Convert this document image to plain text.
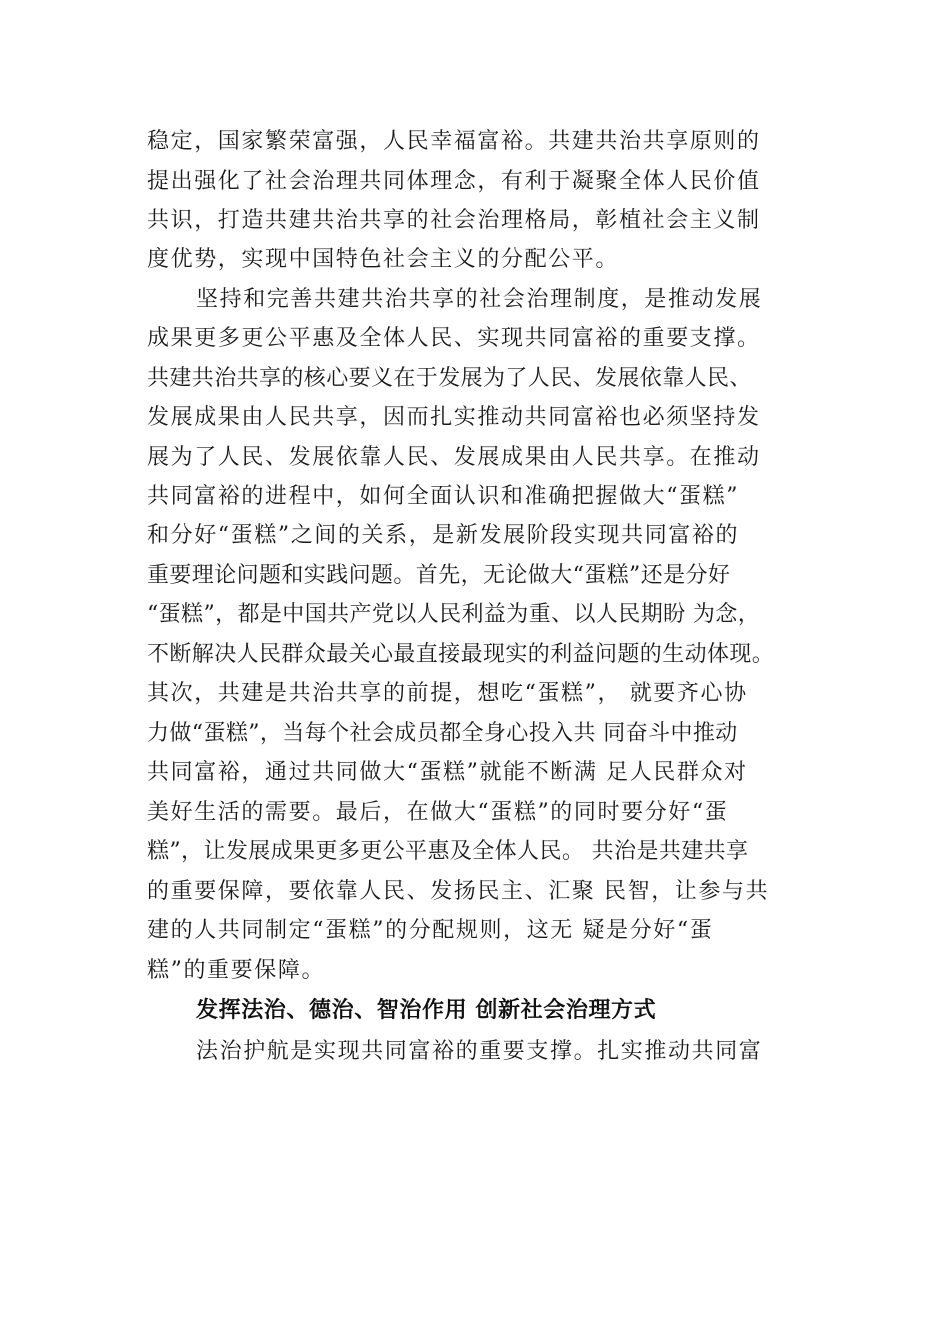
稳定，国家繁荣富强，人民幸福富裕。共建共治共享原则的
提出强化了社会治理共同体理念，有利于凝聚全体人民价值
共识，打造共建共治共享的社会治理格局，彰植社会主义制
度优势，实现中国特色社会主义的分配公平。
坚持和完善共建共治共享的社会治理制度，是推动发展
成果更多更公平惠及全体人民、实现共同富裕的重要支撑。
共建共治共享的核心要义在于发展为了人民、发展依靠人民、
发展成果由人民共享，因而扎实推动共同富裕也必须坚持发
展为了人民、发展依靠人民、发展成果由人民共享。在推动
共同富裕的进程中，如何全面认识和准确把握做大“蛋糕”
和分好“蛋糕”之间的关系，是新发展阶段实现共同富裕的
重要理论问题和实践问题。首先，无论做大“蛋糕”还是分好
“蛋糕”，都是中国共产党以人民利益为重、以人民期盼 为念，
不断解决人民群众最关心最直接最现实的利益问题的生动体现。
其次，共建是共治共享的前提，想吃“蛋糕”， 就要齐心协
力做“蛋糕”，当每个社会成员都全身心投入共 同奋斗中推动
共同富裕，通过共同做大“蛋糕”就能不断满 足人民群众对
美好生活的需要。最后，在做大“蛋糕”的同时要分好“蛋
糕”，让发展成果更多更公平惠及全体人民。 共治是共建共享
的重要保障，要依靠人民、发扬民主、汇聚 民智，让参与共
建的人共同制定“蛋糕”的分配规则，这无 疑是分好“蛋
糕”的重要保障。
发挥法治、德治、智治作用 创新社会治理方式
法治护航是实现共同富裕的重要支撑。扎实推动共同富
